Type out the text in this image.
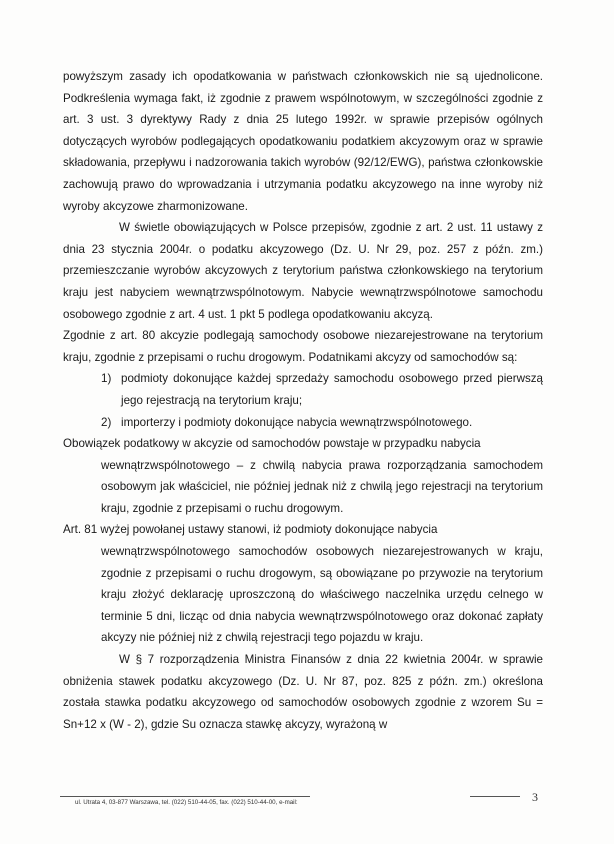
powyższym zasady ich opodatkowania w państwach członkowskich nie są ujednolicone. Podkreślenia wymaga fakt, iż zgodnie z prawem wspólnotowym, w szczególności zgodnie z art. 3 ust. 3 dyrektywy Rady z dnia 25 lutego 1992r. w sprawie przepisów ogólnych dotyczących wyrobów podlegających opodatkowaniu podatkiem akcyzowym oraz w sprawie składowania, przepływu i nadzorowania takich wyrobów (92/12/EWG), państwa członkowskie zachowują prawo do wprowadzania i utrzymania podatku akcyzowego na inne wyroby niż wyroby akcyzowe zharmonizowane.

W świetle obowiązujących w Polsce przepisów, zgodnie z art. 2 ust. 11 ustawy z dnia 23 stycznia 2004r. o podatku akcyzowego (Dz. U. Nr 29, poz. 257 z późn. zm.) przemieszczanie wyrobów akcyzowych z terytorium państwa członkowskiego na terytorium kraju jest nabyciem wewnątrzwspólnotowym. Nabycie wewnątrzwspólnotowe samochodu osobowego zgodnie z art. 4 ust. 1 pkt 5 podlega opodatkowaniu akcyzą.

Zgodnie z art. 80 akcyzie podlegają samochody osobowe niezarejestrowane na terytorium kraju, zgodnie z przepisami o ruchu drogowym. Podatnikami akcyzy od samochodów są:

1) podmioty dokonujące każdej sprzedaży samochodu osobowego przed pierwszą jego rejestracją na terytorium kraju;
2) importerzy i podmioty dokonujące nabycia wewnątrzwspólnotowego.

Obowiązek podatkowy w akcyzie od samochodów powstaje w przypadku nabycia

wewnątrzwspólnotowego – z chwilą nabycia prawa rozporządzania samochodem osobowym jak właściciel, nie później jednak niż z chwilą jego rejestracji na terytorium kraju, zgodnie z przepisami o ruchu drogowym.

Art. 81 wyżej powołanej ustawy stanowi, iż podmioty dokonujące nabycia

wewnątrzwspólnotowego samochodów osobowych niezarejestrowanych w kraju, zgodnie z przepisami o ruchu drogowym, są obowiązane po przywozie na terytorium kraju złożyć deklarację uproszczoną do właściwego naczelnika urzędu celnego w terminie 5 dni, licząc od dnia nabycia wewnątrzwspólnotowego oraz dokonać zapłaty akcyzy nie później niż z chwilą rejestracji tego pojazdu w kraju.

W § 7 rozporządzenia Ministra Finansów z dnia 22 kwietnia 2004r. w sprawie obniżenia stawek podatku akcyzowego (Dz. U. Nr 87, poz. 825 z późn. zm.) określona została stawka podatku akcyzowego od samochodów osobowych zgodnie z wzorem Su = Sn+12 x (W - 2), gdzie Su oznacza stawkę akcyzy, wyrażoną w

ul. Utrata 4, 03-877 Warszawa, tel. (022) 510-44-05, fax. (022) 510-44-00, e-mail:	3
